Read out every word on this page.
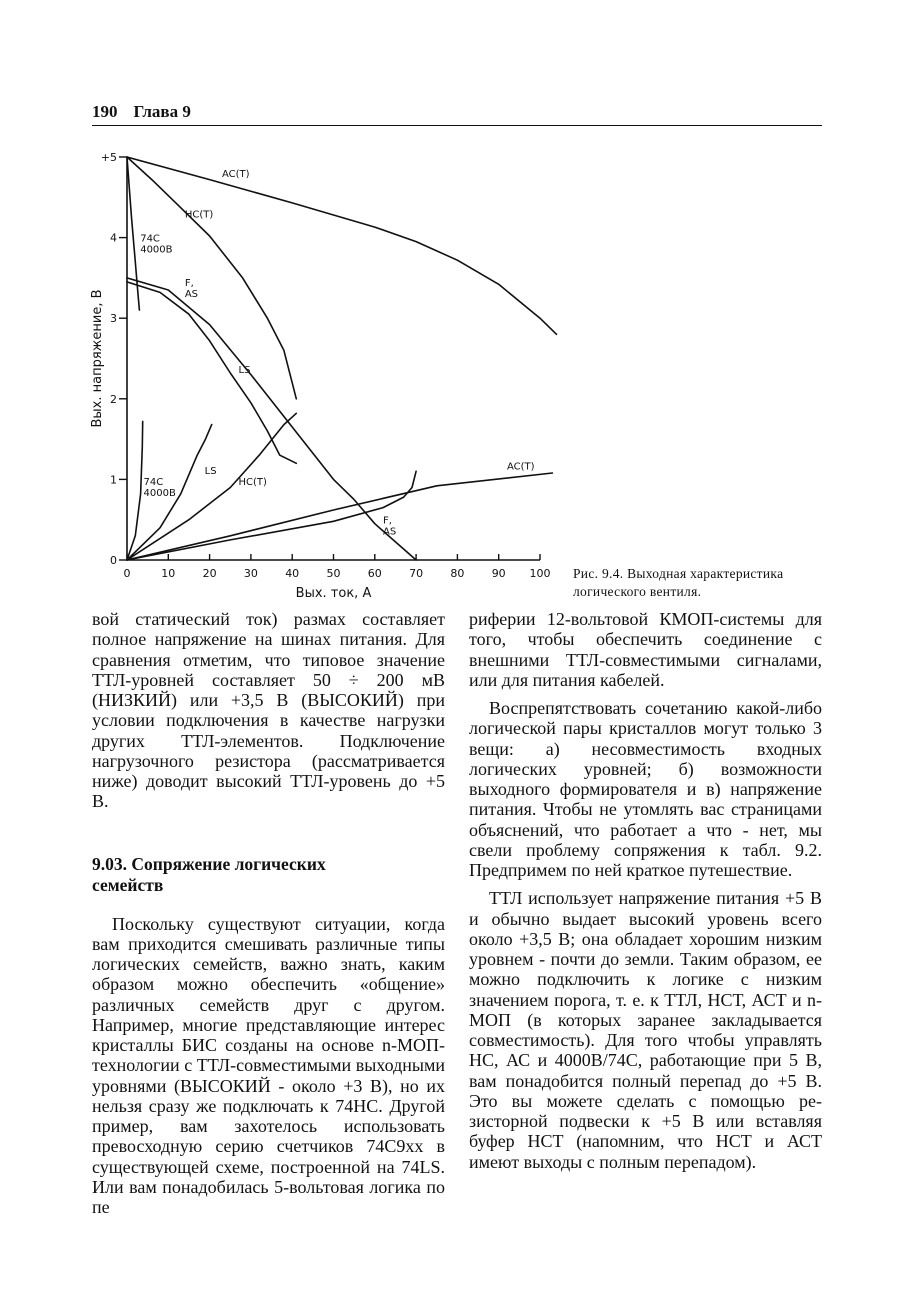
190 Глава 9
0	10 20 30 40 50 60 70 80 90 100
0
1
2
3
4
+5
Вых. ток, А
Вых. напряжение, В
AC(T)
HC(T)
74C 4000B
F, AS
LS
AC(T)
F, AS
HC(T)
LS
74C 4000B
Рис. 9.4. Выходная характеристика логического вентиля.

вой статический ток) размах составляет полное напряжение на шинах питания. Для сравнения отметим, что типовое значение ТТЛ-уровней составляет 50 ÷ 200 мВ (НИЗКИЙ) или +3,5 В (ВЫСОКИЙ) при условии подключения в качестве нагрузки других ТТЛ-элементов. Подключение нагрузочного резистора (рассматривается ниже) доводит высокий ТТЛ-уровень до +5 В.

9.03. Сопряжение логических семейств

Поскольку существуют ситуации, когда вам приходится смешивать различные типы логических семейств, важно знать, каким образом можно обеспечить «общение» различных семейств друг с другом. Например, многие представляющие интерес кристаллы БИС созданы на основе n-МОП-технологии с ТТЛ-совместимыми выходными уровнями (ВЫСОКИЙ - около +3 В), но их нельзя сразу же подключать к 74НС. Другой пример, вам захотелось использовать превосходную серию счетчиков 74С9xx в существующей схеме, построенной на 74LS. Или вам понадобилась 5-вольтовая логика по пе

риферии 12-вольтовой КМОП-системы для того, чтобы обеспечить соединение с внешними ТТЛ-совместимыми сигналами, или для питания кабелей.

Воспрепятствовать сочетанию какой-либо логической пары кристаллов могут только 3 вещи: а) несовместимость входных логических уровней; б) возможности выходного формирователя и в) напряжение питания. Чтобы не утомлять вас страницами объяснений, что работает а что - нет, мы свели проблему сопряжения к табл. 9.2. Предпримем по ней краткое путешествие.

ТТЛ использует напряжение питания +5 В и обычно выдает высокий уровень всего около +3,5 В; она обладает хорошим низким уровнем - почти до земли. Таким образом, ее можно подключить к логике с низким значением порога, т. е. к ТТЛ, НСТ, АСТ и n-МОП (в которых заранее закладывается совместимость). Для того чтобы управлять НС, АС и 4000B/74C, работающие при 5 В, вам понадобится полный перепад до +5 В. Это вы можете сделать с помощью резисторной подвески к +5 В или вставляя буфер НСТ (напомним, что НСТ и АСТ имеют выходы с полным перепадом).
